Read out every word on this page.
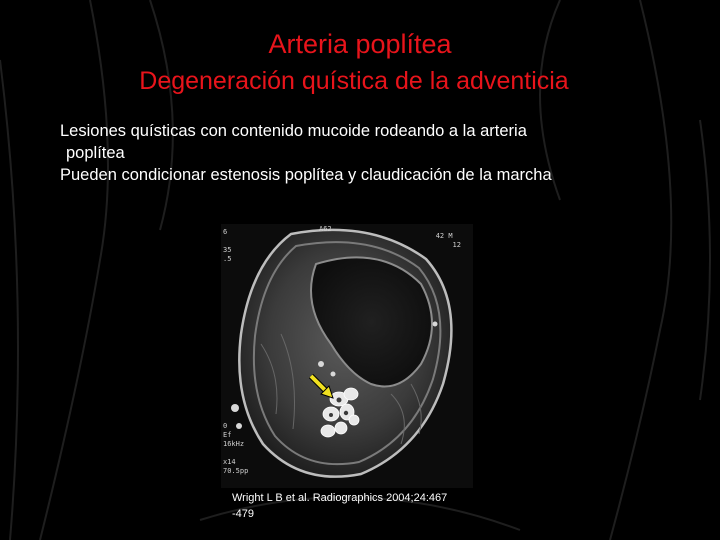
Arteria poplítea
Degeneración quística de la adventicia

Lesiones quísticas con contenido mucoide rodeando a la arteria
poplítea

Pueden condicionar estenosis poplítea y claudicación de la marcha

6

35
.5
A62
42 M
12
0
Ef
16kHz

x14
70.5pp
Wright L B et al. Radiographics 2004;24:467
-479
